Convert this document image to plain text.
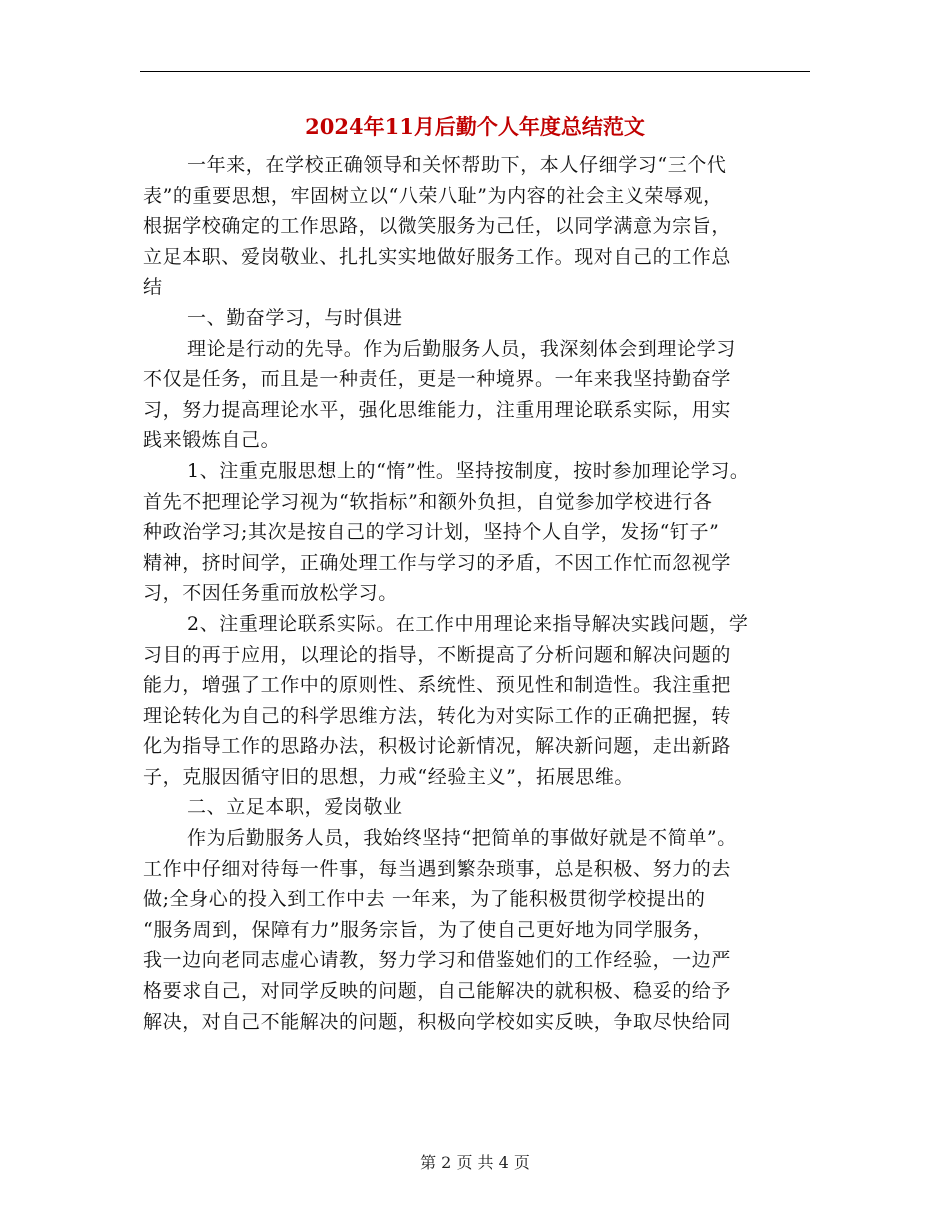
2024年11月后勤个人年度总结范文
一年来，在学校正确领导和关怀帮助下，本人仔细学习“三个代
表”的重要思想，牢固树立以“八荣八耻”为内容的社会主义荣辱观，
根据学校确定的工作思路，以微笑服务为己任，以同学满意为宗旨，
立足本职、爱岗敬业、扎扎实实地做好服务工作。现对自己的工作总
结
一、勤奋学习，与时俱进
理论是行动的先导。作为后勤服务人员，我深刻体会到理论学习
不仅是任务，而且是一种责任，更是一种境界。一年来我坚持勤奋学
习，努力提高理论水平，强化思维能力，注重用理论联系实际，用实
践来锻炼自己。
1、注重克服思想上的“惰”性。坚持按制度，按时参加理论学习。
首先不把理论学习视为“软指标”和额外负担，自觉参加学校进行各
种政治学习;其次是按自己的学习计划，坚持个人自学，发扬“钉子”
精神，挤时间学，正确处理工作与学习的矛盾，不因工作忙而忽视学
习，不因任务重而放松学习。
2、注重理论联系实际。在工作中用理论来指导解决实践问题，学
习目的再于应用，以理论的指导，不断提高了分析问题和解决问题的
能力，增强了工作中的原则性、系统性、预见性和制造性。我注重把
理论转化为自己的科学思维方法，转化为对实际工作的正确把握，转
化为指导工作的思路办法，积极讨论新情况，解决新问题，走出新路
子，克服因循守旧的思想，力戒“经验主义”，拓展思维。
二、立足本职，爱岗敬业
作为后勤服务人员，我始终坚持“把简单的事做好就是不简单”。
工作中仔细对待每一件事，每当遇到繁杂琐事，总是积极、努力的去
做;全身心的投入到工作中去 一年来，为了能积极贯彻学校提出的
“服务周到，保障有力”服务宗旨，为了使自己更好地为同学服务，
我一边向老同志虚心请教，努力学习和借鉴她们的工作经验，一边严
格要求自己，对同学反映的问题，自己能解决的就积极、稳妥的给予
解决，对自己不能解决的问题，积极向学校如实反映，争取尽快给同
第 2 页 共 4 页
